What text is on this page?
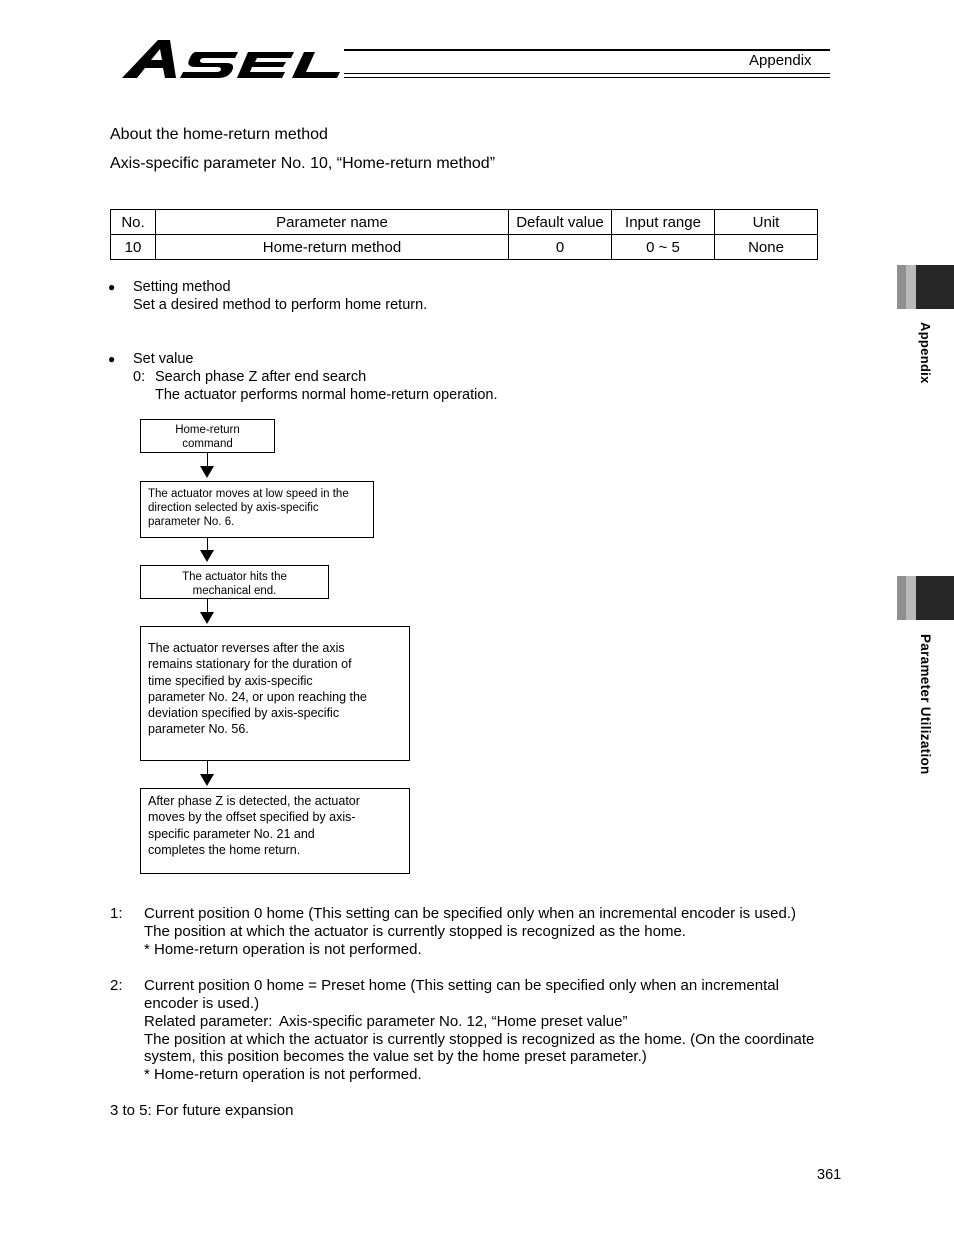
Appendix
About the home-return method
Axis-specific parameter No. 10, “Home-return method”
No.	Parameter name	Default value	Input range	Unit
10	Home-return method	0	0 ~ 5	None
● Setting method
Set a desired method to perform home return.
● Set value
0: Search phase Z after end search
The actuator performs normal home-return operation.
Home-return
command
The actuator moves at low speed in the
direction selected by axis-specific
parameter No. 6.
The actuator hits the
mechanical end.
The actuator reverses after the axis
remains stationary for the duration of
time specified by axis-specific
parameter No. 24, or upon reaching the
deviation specified by axis-specific
parameter No. 56.
After phase Z is detected, the actuator
moves by the offset specified by axis-
specific parameter No. 21 and
completes the home return.
1: Current position 0 home (This setting can be specified only when an incremental encoder is used.)
The position at which the actuator is currently stopped is recognized as the home.
* Home-return operation is not performed.
2: Current position 0 home = Preset home (This setting can be specified only when an incremental
encoder is used.)
Related parameter: Axis-specific parameter No. 12, “Home preset value”
The position at which the actuator is currently stopped is recognized as the home. (On the coordinate
system, this position becomes the value set by the home preset parameter.)
* Home-return operation is not performed.
3 to 5: For future expansion
361
Appendix
Parameter Utilization
